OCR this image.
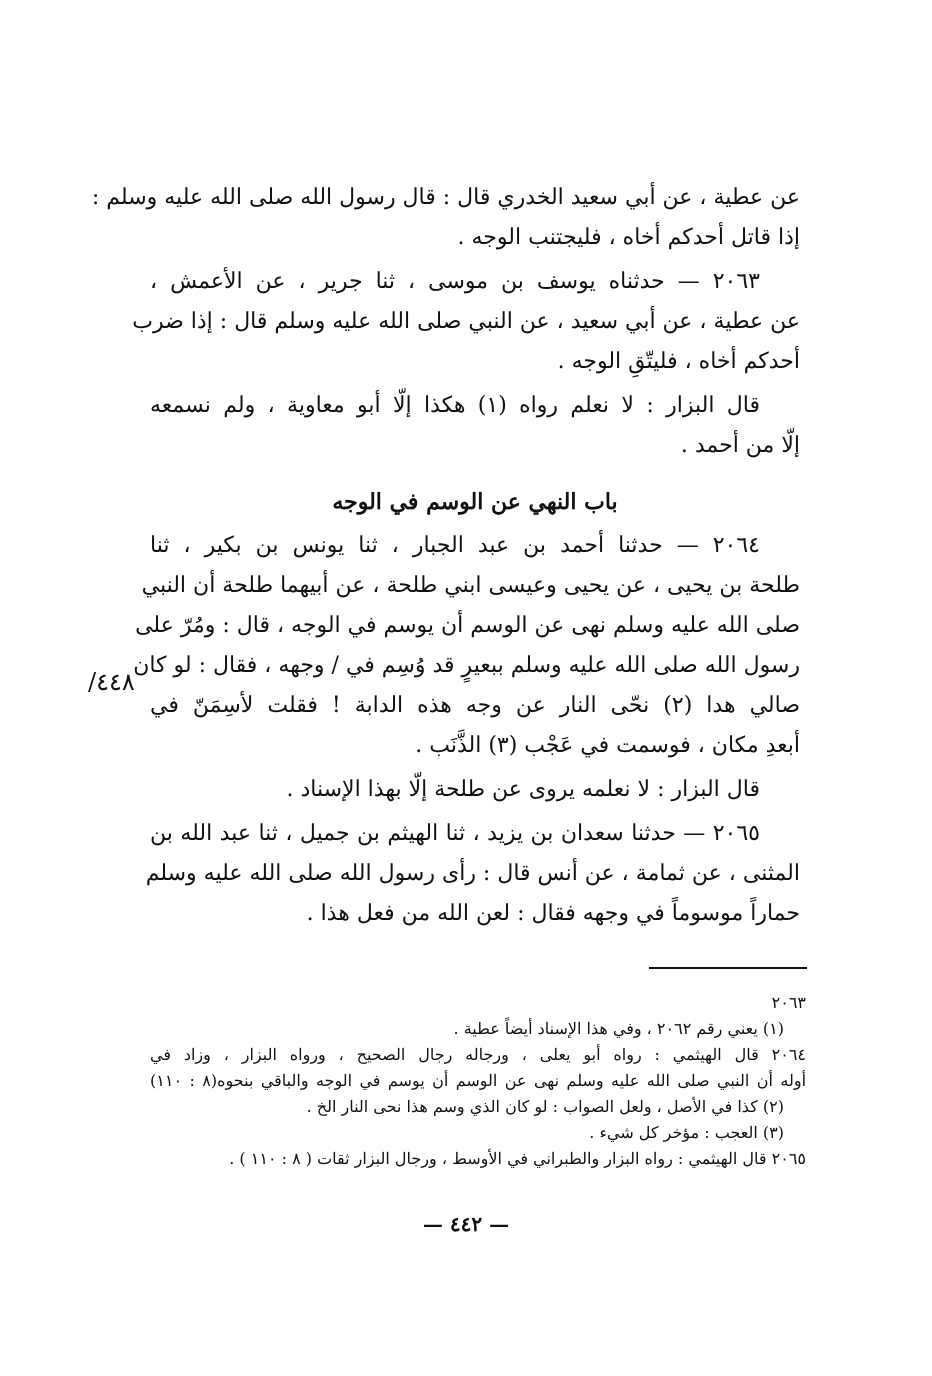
عن عطية ، عن أبي سعيد الخدري قال : قال رسول الله صلى الله عليه وسلم :
إذا قاتل أحدكم أخاه ، فليجتنب الوجه .
٢٠٦٣ — حدثناه يوسف بن موسى ، ثنا جرير ، عن الأعمش ،
عن عطية ، عن أبي سعيد ، عن النبي صلى الله عليه وسلم قال : إذا ضرب
أحدكم أخاه ، فليتّقِ الوجه .
قال البزار : لا نعلم رواه (١) هكذا إلّا أبو معاوية ، ولم نسمعه
إلّا من أحمد .
باب النهي عن الوسم في الوجه
٢٠٦٤ — حدثنا أحمد بن عبد الجبار ، ثنا يونس بن بكير ، ثنا
طلحة بن يحيى ، عن يحيى وعيسى ابني طلحة ، عن أبيهما طلحة أن النبي
صلى الله عليه وسلم نهى عن الوسم أن يوسم في الوجه ، قال : ومُرّ على
رسول الله صلى الله عليه وسلم ببعيرٍ قد وُسِم في / وجهه ، فقال : لو كان
صالي هدا (٢) نحّى النار عن وجه هذه الدابة ! فقلت لأسِمَنّ في
أبعدِ مكان ، فوسمت في عَجْب (٣) الذَّنَب .
قال البزار : لا نعلمه يروى عن طلحة إلّا بهذا الإسناد .
٢٠٦٥ — حدثنا سعدان بن يزيد ، ثنا الهيثم بن جميل ، ثنا عبد الله بن
المثنى ، عن ثمامة ، عن أنس قال : رأى رسول الله صلى الله عليه وسلم
حماراً موسوماً في وجهه فقال : لعن الله من فعل هذا .
٤٤٨/
٢٠٦٣
(١) يعني رقم ٢٠٦٢ ، وفي هذا الإسناد أيضاً عطية .
٢٠٦٤ قال الهيثمي : رواه أبو يعلى ، ورجاله رجال الصحيح ، ورواه البزار ، وزاد في
أوله أن النبي صلى الله عليه وسلم نهى عن الوسم أن يوسم في الوجه والباقي بنحوه(٨ : ١١٠)
(٢) كذا في الأصل ، ولعل الصواب : لو كان الذي وسم هذا نحى النار الخ .
(٣) العجب : مؤخر كل شيء .
٢٠٦٥ قال الهيثمي : رواه البزار والطبراني في الأوسط ، ورجال البزار ثقات ( ٨ : ١١٠ ) .
— ٤٤٢ —
